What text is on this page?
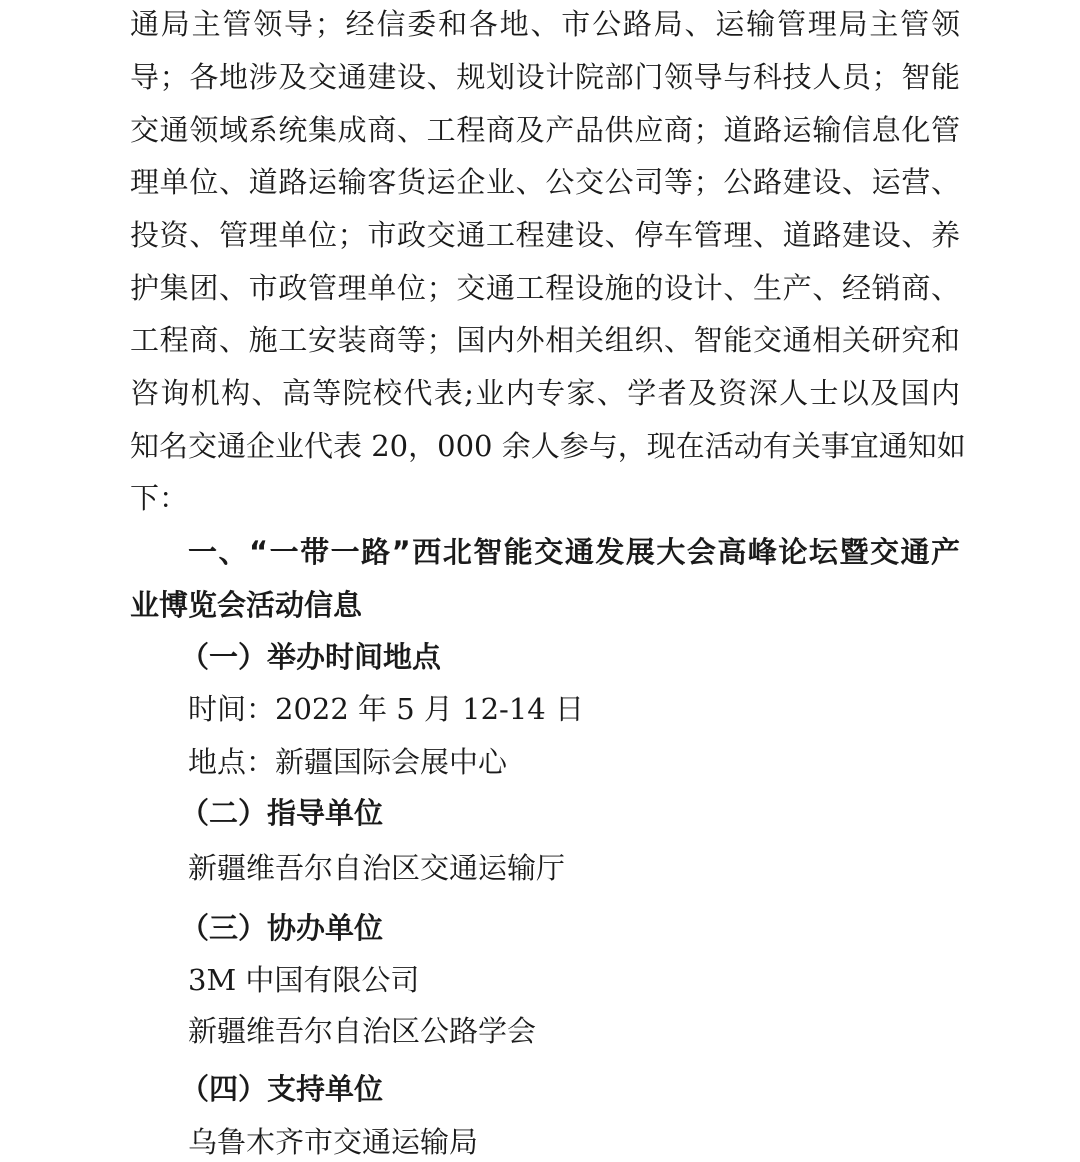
通局主管领导；经信委和各地、市公路局、运输管理局主管领
导；各地涉及交通建设、规划设计院部门领导与科技人员；智能
交通领域系统集成商、工程商及产品供应商；道路运输信息化管
理单位、道路运输客货运企业、公交公司等；公路建设、运营、
投资、管理单位；市政交通工程建设、停车管理、道路建设、养
护集团、市政管理单位；交通工程设施的设计、生产、经销商、
工程商、施工安装商等；国内外相关组织、智能交通相关研究和
咨询机构、高等院校代表;业内专家、学者及资深人士以及国内
知名交通企业代表 20，000 余人参与，现在活动有关事宜通知如
下：
一、“一带一路”西北智能交通发展大会高峰论坛暨交通产
业博览会活动信息
（一）举办时间地点
时间：2022 年 5 月 12-14 日
地点：新疆国际会展中心
（二）指导单位
新疆维吾尔自治区交通运输厅
（三）协办单位
3M 中国有限公司
新疆维吾尔自治区公路学会
（四）支持单位
乌鲁木齐市交通运输局
